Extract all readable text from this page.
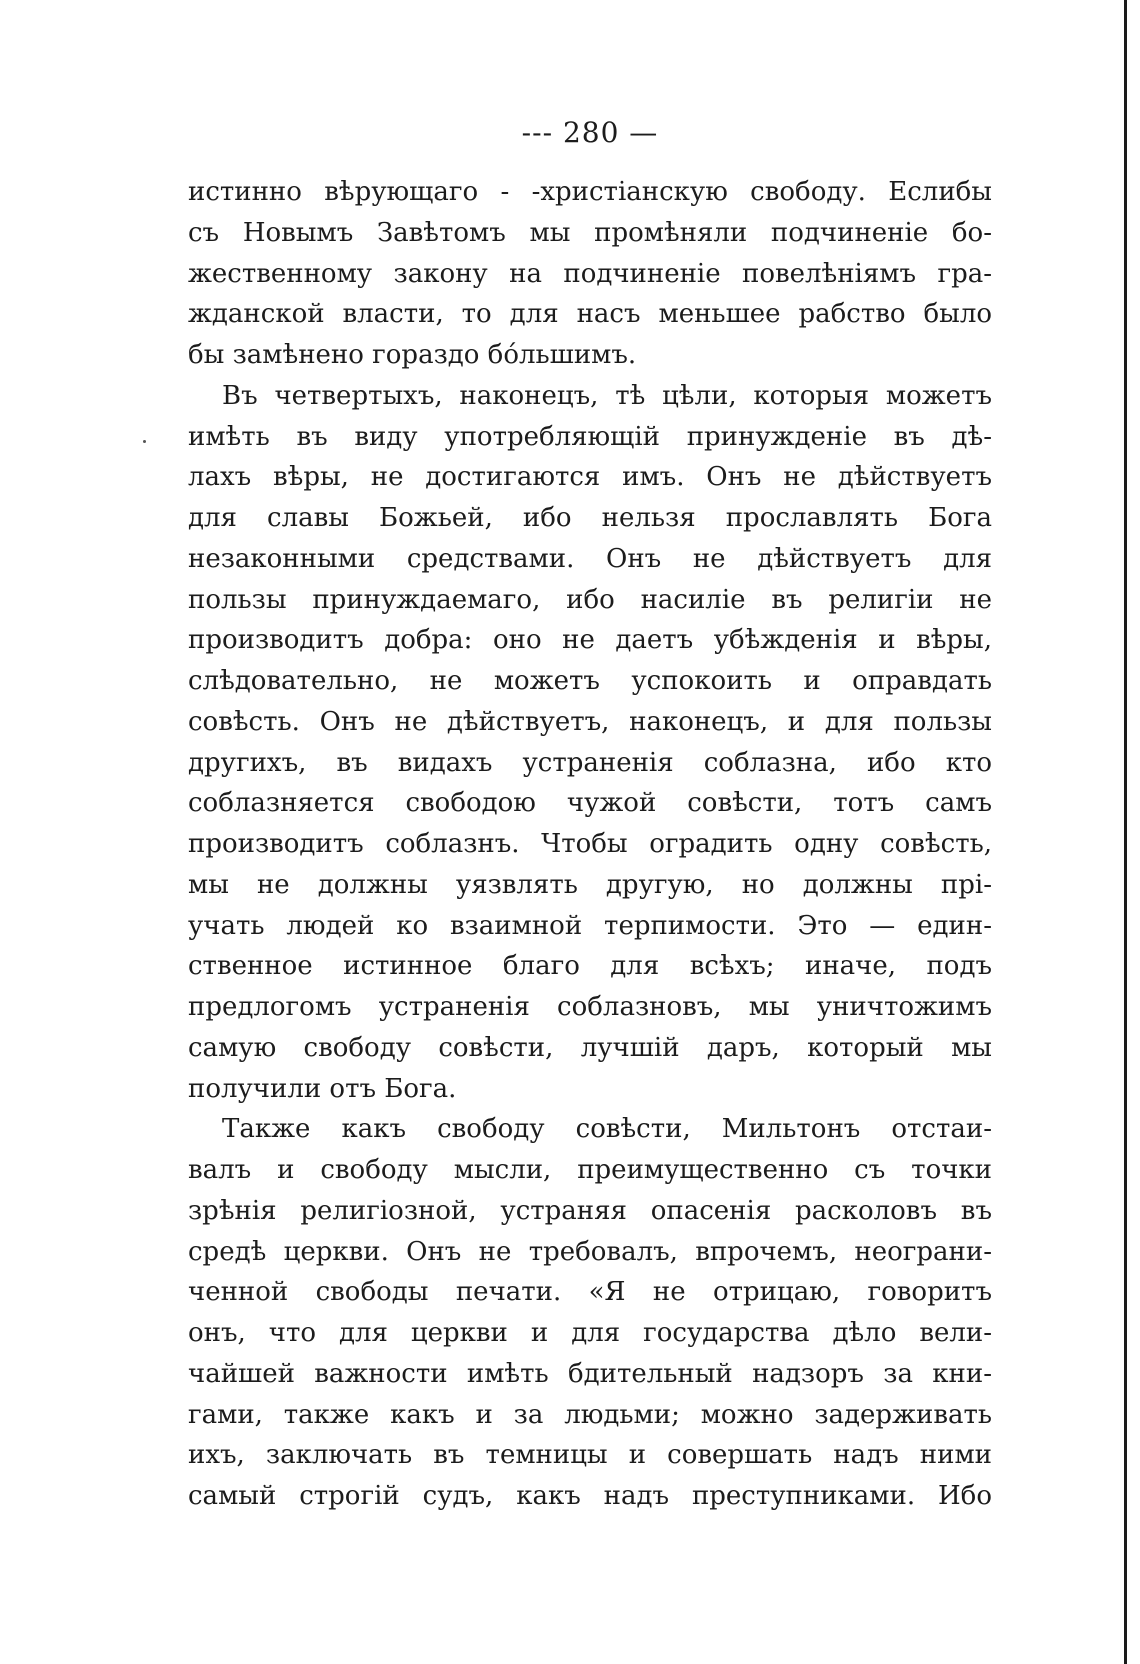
--- 280 —
истинно вѣрующаго - -христіанскую свободу. Еслибы
съ Новымъ Завѣтомъ мы промѣняли подчиненіе бо-
жественному закону на подчиненіе повелѣніямъ гра-
жданской власти, то для насъ меньшее рабство было
бы замѣнено гораздо бо́льшимъ.
Въ четвертыхъ, наконецъ, тѣ цѣли, которыя можетъ
имѣть въ виду употребляющій принужденіе въ дѣ-
лахъ вѣры, не достигаются имъ. Онъ не дѣйствуетъ
для славы Божьей, ибо нельзя прославлять Бога
незаконными средствами. Онъ не дѣйствуетъ для
пользы принуждаемаго, ибо насиліе въ религіи не
производитъ добра: оно не даетъ убѣжденія и вѣры,
слѣдовательно, не можетъ успокоить и оправдать
совѣсть. Онъ не дѣйствуетъ, наконецъ, и для пользы
другихъ, въ видахъ устраненія соблазна, ибо кто
соблазняется свободою чужой совѣсти, тотъ самъ
производитъ соблазнъ. Чтобы оградить одну совѣсть,
мы не должны уязвлять другую, но должны прі-
учать людей ко взаимной терпимости. Это — един-
ственное истинное благо для всѣхъ; иначе, подъ
предлогомъ устраненія соблазновъ, мы уничтожимъ
самую свободу совѣсти, лучшій даръ, который мы
получили отъ Бога.
Также какъ свободу совѣсти, Мильтонъ отстаи-
валъ и свободу мысли, преимущественно съ точки
зрѣнія религіозной, устраняя опасенія расколовъ въ
средѣ церкви. Онъ не требовалъ, впрочемъ, неограни-
ченной свободы печати. «Я не отрицаю, говоритъ
онъ, что для церкви и для государства дѣло вели-
чайшей важности имѣть бдительный надзоръ за кни-
гами, также какъ и за людьми; можно задерживать
ихъ, заключать въ темницы и совершать надъ ними
самый строгій судъ, какъ надъ преступниками. Ибо
